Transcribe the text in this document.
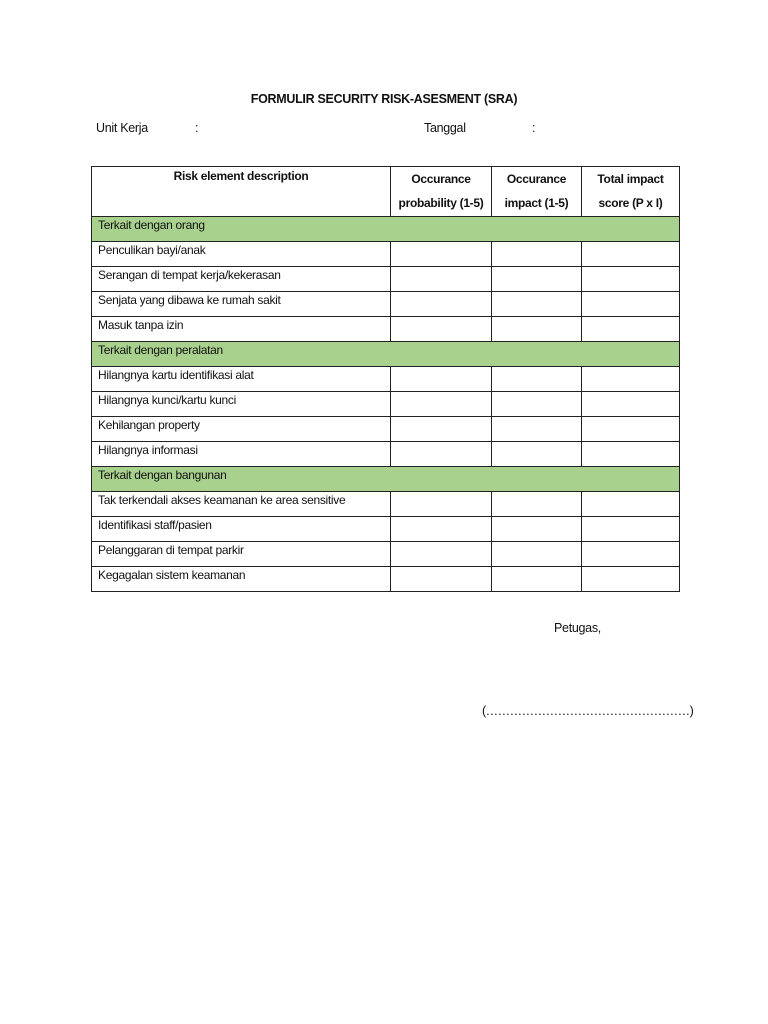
FORMULIR SECURITY RISK-ASESMENT (SRA)
Unit Kerja	:	Tanggal	:
Risk element description	Occurance probability (1-5)	Occurance impact (1-5)	Total impact score (P x I)
Terkait dengan orang			
Penculikan bayi/anak			
Serangan di tempat kerja/kekerasan			
Senjata yang dibawa ke rumah sakit			
Masuk tanpa izin			
Terkait dengan peralatan			
Hilangnya kartu identifikasi alat			
Hilangnya kunci/kartu kunci			
Kehilangan property			
Hilangnya informasi			
Terkait dengan bangunan			
Tak terkendali akses keamanan ke area sensitive			
Identifikasi staff/pasien			
Pelanggaran di tempat parkir			
Kegagalan sistem keamanan			
Petugas,
(……………………………………………)
